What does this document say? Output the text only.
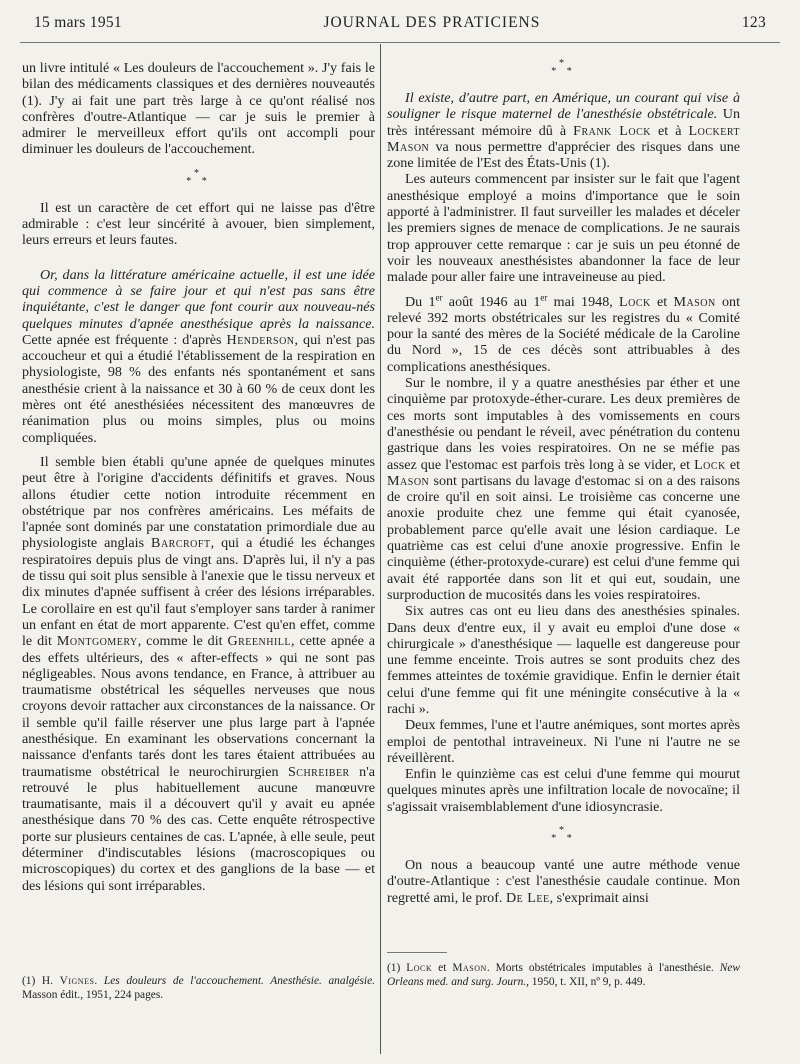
15 mars 1951	JOURNAL DES PRATICIENS	123

un livre intitulé « Les douleurs de l'accouchement ». J'y fais le bilan des médicaments classiques et des dernières nouveautés (1). J'y ai fait une part très large à ce qu'ont réalisé nos confrères d'outre-Atlantique — car je suis le premier à admirer le merveilleux effort qu'ils ont accompli pour diminuer les douleurs de l'accouchement.

*
* *

Il est un caractère de cet effort qui ne laisse pas d'être admirable : c'est leur sincérité à avouer, bien simplement, leurs erreurs et leurs fautes.

Or, dans la littérature américaine actuelle, il est une idée qui commence à se faire jour et qui n'est pas sans être inquiétante, c'est le danger que font courir aux nouveau-nés quelques minutes d'apnée anesthésique après la naissance. Cette apnée est fréquente : d'après Henderson, qui n'est pas accoucheur et qui a étudié l'établissement de la respiration en physiologiste, 98 % des enfants nés spontanément et sans anesthésie crient à la naissance et 30 à 60 % de ceux dont les mères ont été anesthésiées nécessitent des manœuvres de réanimation plus ou moins simples, plus ou moins compliquées.

Il semble bien établi qu'une apnée de quelques minutes peut être à l'origine d'accidents définitifs et graves. Nous allons étudier cette notion introduite récemment en obstétrique par nos confrères américains. Les méfaits de l'apnée sont dominés par une constatation primordiale due au physiologiste anglais Barcroft, qui a étudié les échanges respiratoires depuis plus de vingt ans. D'après lui, il n'y a pas de tissu qui soit plus sensible à l'anexie que le tissu nerveux et dix minutes d'apnée suffisent à créer des lésions irréparables. Le corollaire en est qu'il faut s'employer sans tarder à ranimer un enfant en état de mort apparente. C'est qu'en effet, comme le dit Montgomery, comme le dit Greenhill, cette apnée a des effets ultérieurs, des « after-effects » qui ne sont pas négligeables. Nous avons tendance, en France, à attribuer au traumatisme obstétrical les séquelles nerveuses que nous croyons devoir rattacher aux circonstances de la naissance. Or il semble qu'il faille réserver une plus large part à l'apnée anesthésique. En examinant les observations concernant la naissance d'enfants tarés dont les tares étaient attribuées au traumatisme obstétrical le neurochirurgien Schreiber n'a retrouvé le plus habituellement aucune manœuvre traumatisante, mais il a découvert qu'il y avait eu apnée anesthésique dans 70 % des cas. Cette enquête rétrospective porte sur plusieurs centaines de cas. L'apnée, à elle seule, peut déterminer d'indiscutables lésions (macroscopiques ou microscopiques) du cortex et des ganglions de la base — et des lésions qui sont irréparables.

(1) H. Vignes. Les douleurs de l'accouchement. Anesthésie. analgésie. Masson édit., 1951, 224 pages.
*
* *

Il existe, d'autre part, en Amérique, un courant qui vise à souligner le risque maternel de l'anesthésie obstétricale. Un très intéressant mémoire dû à Frank Lock et à Lockert Mason va nous permettre d'apprécier des risques dans une zone limitée de l'Est des États-Unis (1).

Les auteurs commencent par insister sur le fait que l'agent anesthésique employé a moins d'importance que le soin apporté à l'administrer. Il faut surveiller les malades et déceler les premiers signes de menace de complications. Je ne saurais trop approuver cette remarque : car je suis un peu étonné de voir les nouveaux anesthésistes abandonner la face de leur malade pour aller faire une intraveineuse au pied.

Du 1er août 1946 au 1er mai 1948, Lock et Mason ont relevé 392 morts obstétricales sur les registres du « Comité pour la santé des mères de la Société médicale de la Caroline du Nord », 15 de ces décès sont attribuables à des complications anesthésiques.

Sur le nombre, il y a quatre anesthésies par éther et une cinquième par protoxyde-éther-curare. Les deux premières de ces morts sont imputables à des vomissements en cours d'anesthésie ou pendant le réveil, avec pénétration du contenu gastrique dans les voies respiratoires. On ne se méfie pas assez que l'estomac est parfois très long à se vider, et Lock et Mason sont partisans du lavage d'estomac si on a des raisons de croire qu'il en soit ainsi. Le troisième cas concerne une anoxie produite chez une femme qui était cyanosée, probablement parce qu'elle avait une lésion cardiaque. Le quatrième cas est celui d'une anoxie progressive. Enfin le cinquième (éther-protoxyde-curare) est celui d'une femme qui avait été rapportée dans son lit et qui eut, soudain, une surproduction de mucosités dans les voies respiratoires.

Six autres cas ont eu lieu dans des anesthésies spinales. Dans deux d'entre eux, il y avait eu emploi d'une dose « chirurgicale » d'anesthésique — laquelle est dangereuse pour une femme enceinte. Trois autres se sont produits chez des femmes atteintes de toxémie gravidique. Enfin le dernier était celui d'une femme qui fit une méningite consécutive à la « rachi ».

Deux femmes, l'une et l'autre anémiques, sont mortes après emploi de pentothal intraveineux. Ni l'une ni l'autre ne se réveillèrent.

Enfin le quinzième cas est celui d'une femme qui mourut quelques minutes après une infiltration locale de novocaïne; il s'agissait vraisemblablement d'une idiosyncrasie.

*
* *

On nous a beaucoup vanté une autre méthode venue d'outre-Atlantique : c'est l'anesthésie caudale continue. Mon regretté ami, le prof. De Lee, s'exprimait ainsi

(1) Lock et Mason. Morts obstétricales imputables à l'anesthésie. New Orleans med. and surg. Journ., 1950, t. XII, nº 9, p. 449.
